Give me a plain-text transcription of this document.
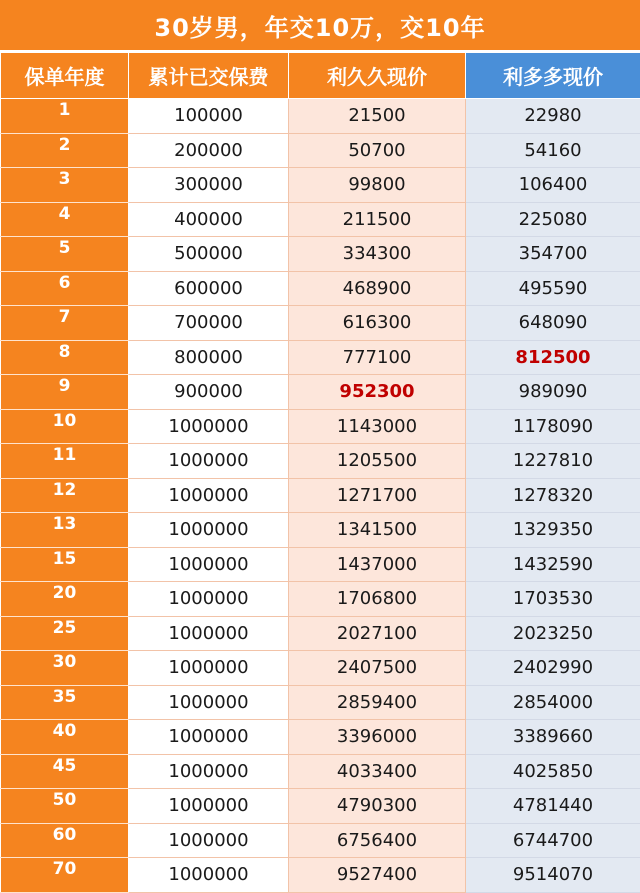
30岁男，年交10万，交10年
保单年度	累计已交保费	利久久现价	利多多现价
1	100000	21500	22980
2	200000	50700	54160
3	300000	99800	106400
4	400000	211500	225080
5	500000	334300	354700
6	600000	468900	495590
7	700000	616300	648090
8	800000	777100	812500
9	900000	952300	989090
10	1000000	1143000	1178090
11	1000000	1205500	1227810
12	1000000	1271700	1278320
13	1000000	1341500	1329350
15	1000000	1437000	1432590
20	1000000	1706800	1703530
25	1000000	2027100	2023250
30	1000000	2407500	2402990
35	1000000	2859400	2854000
40	1000000	3396000	3389660
45	1000000	4033400	4025850
50	1000000	4790300	4781440
60	1000000	6756400	6744700
70	1000000	9527400	9514070
